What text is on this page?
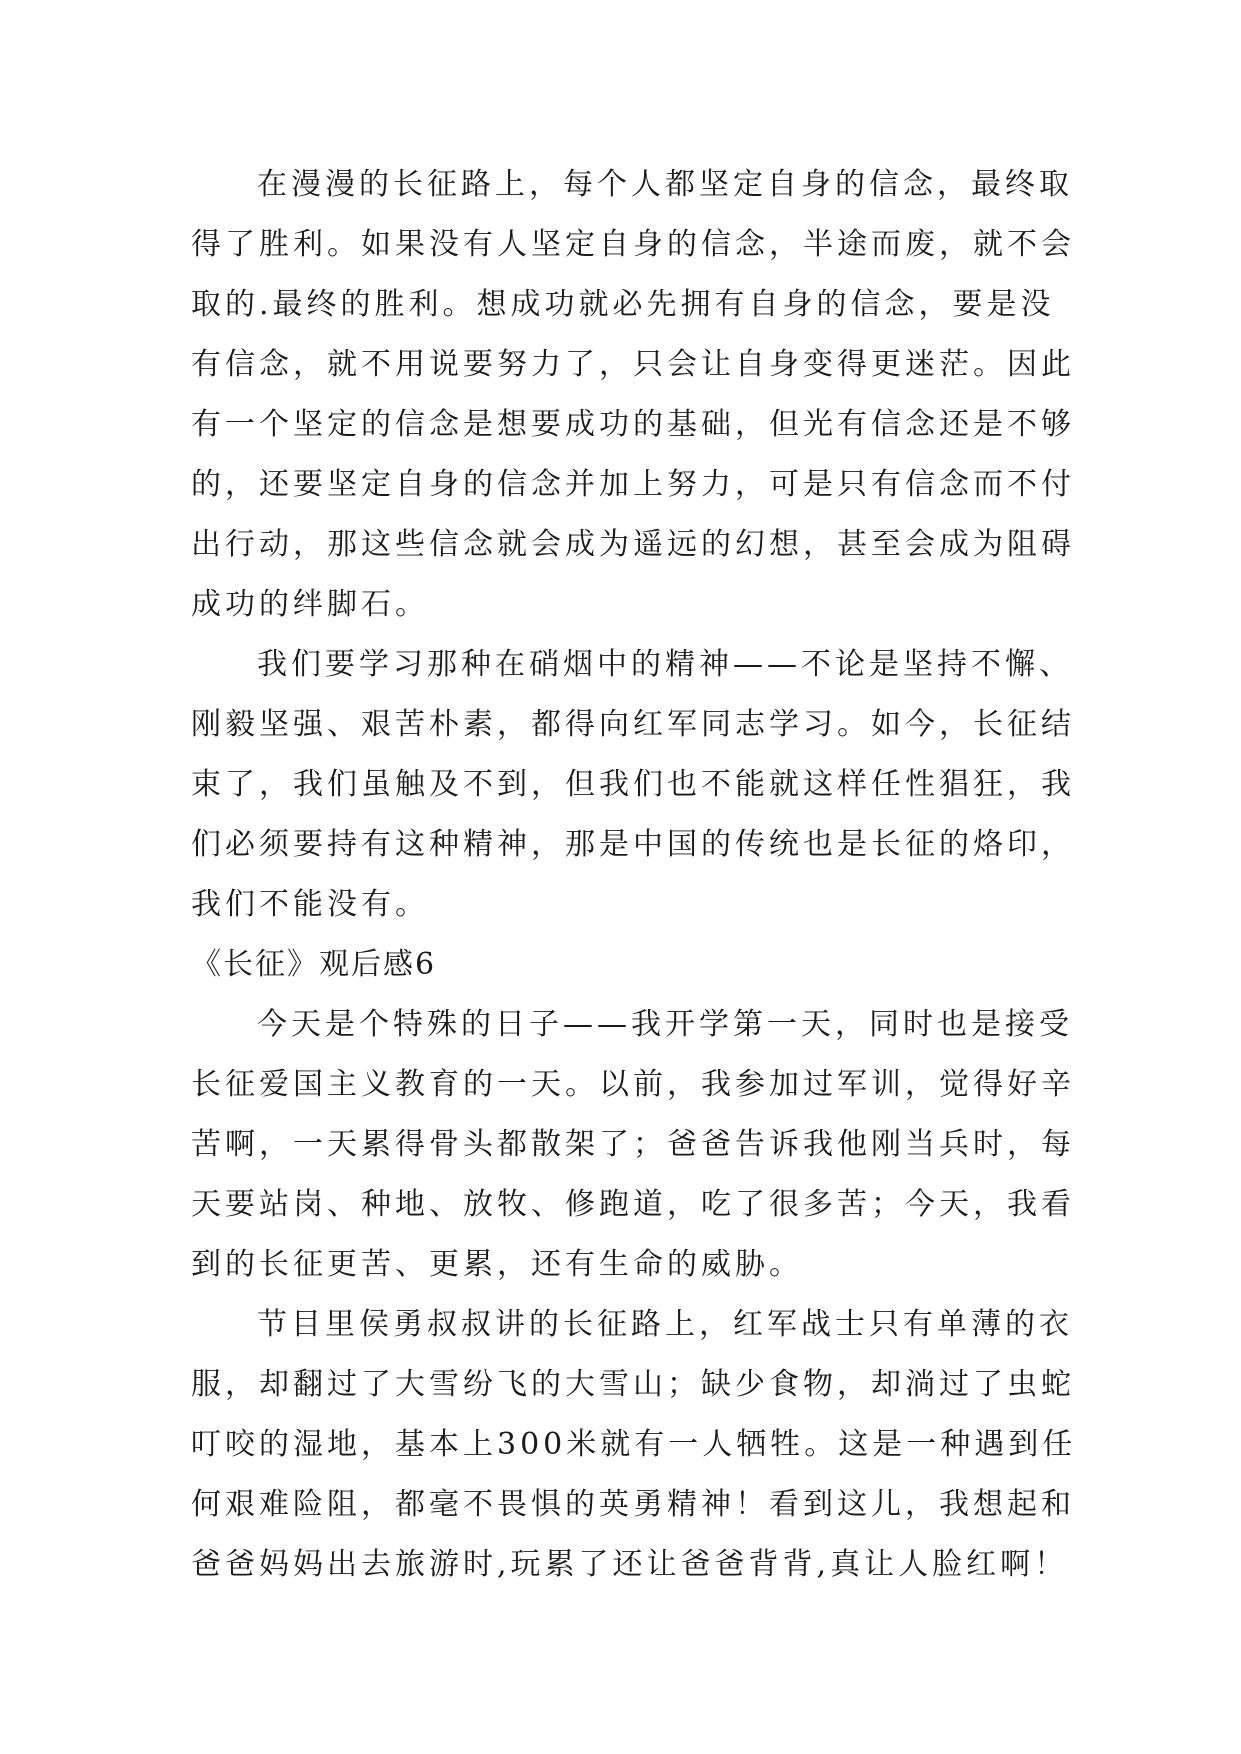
在漫漫的长征路上，每个人都坚定自身的信念，最终取
得了胜利。如果没有人坚定自身的信念，半途而废，就不会
取的.最终的胜利。想成功就必先拥有自身的信念，要是没
有信念，就不用说要努力了，只会让自身变得更迷茫。因此
有一个坚定的信念是想要成功的基础，但光有信念还是不够
的，还要坚定自身的信念并加上努力，可是只有信念而不付
出行动，那这些信念就会成为遥远的幻想，甚至会成为阻碍
成功的绊脚石。
我们要学习那种在硝烟中的精神——不论是坚持不懈、
刚毅坚强、艰苦朴素，都得向红军同志学习。如今，长征结
束了，我们虽触及不到，但我们也不能就这样任性猖狂，我
们必须要持有这种精神，那是中国的传统也是长征的烙印，
我们不能没有。
《长征》观后感6
今天是个特殊的日子——我开学第一天，同时也是接受
长征爱国主义教育的一天。以前，我参加过军训，觉得好辛
苦啊，一天累得骨头都散架了；爸爸告诉我他刚当兵时，每
天要站岗、种地、放牧、修跑道，吃了很多苦；今天，我看
到的长征更苦、更累，还有生命的威胁。
节目里侯勇叔叔讲的长征路上，红军战士只有单薄的衣
服，却翻过了大雪纷飞的大雪山；缺少食物，却淌过了虫蛇
叮咬的湿地，基本上300米就有一人牺牲。这是一种遇到任
何艰难险阻，都毫不畏惧的英勇精神！看到这儿，我想起和
爸爸妈妈出去旅游时,玩累了还让爸爸背背,真让人脸红啊！
